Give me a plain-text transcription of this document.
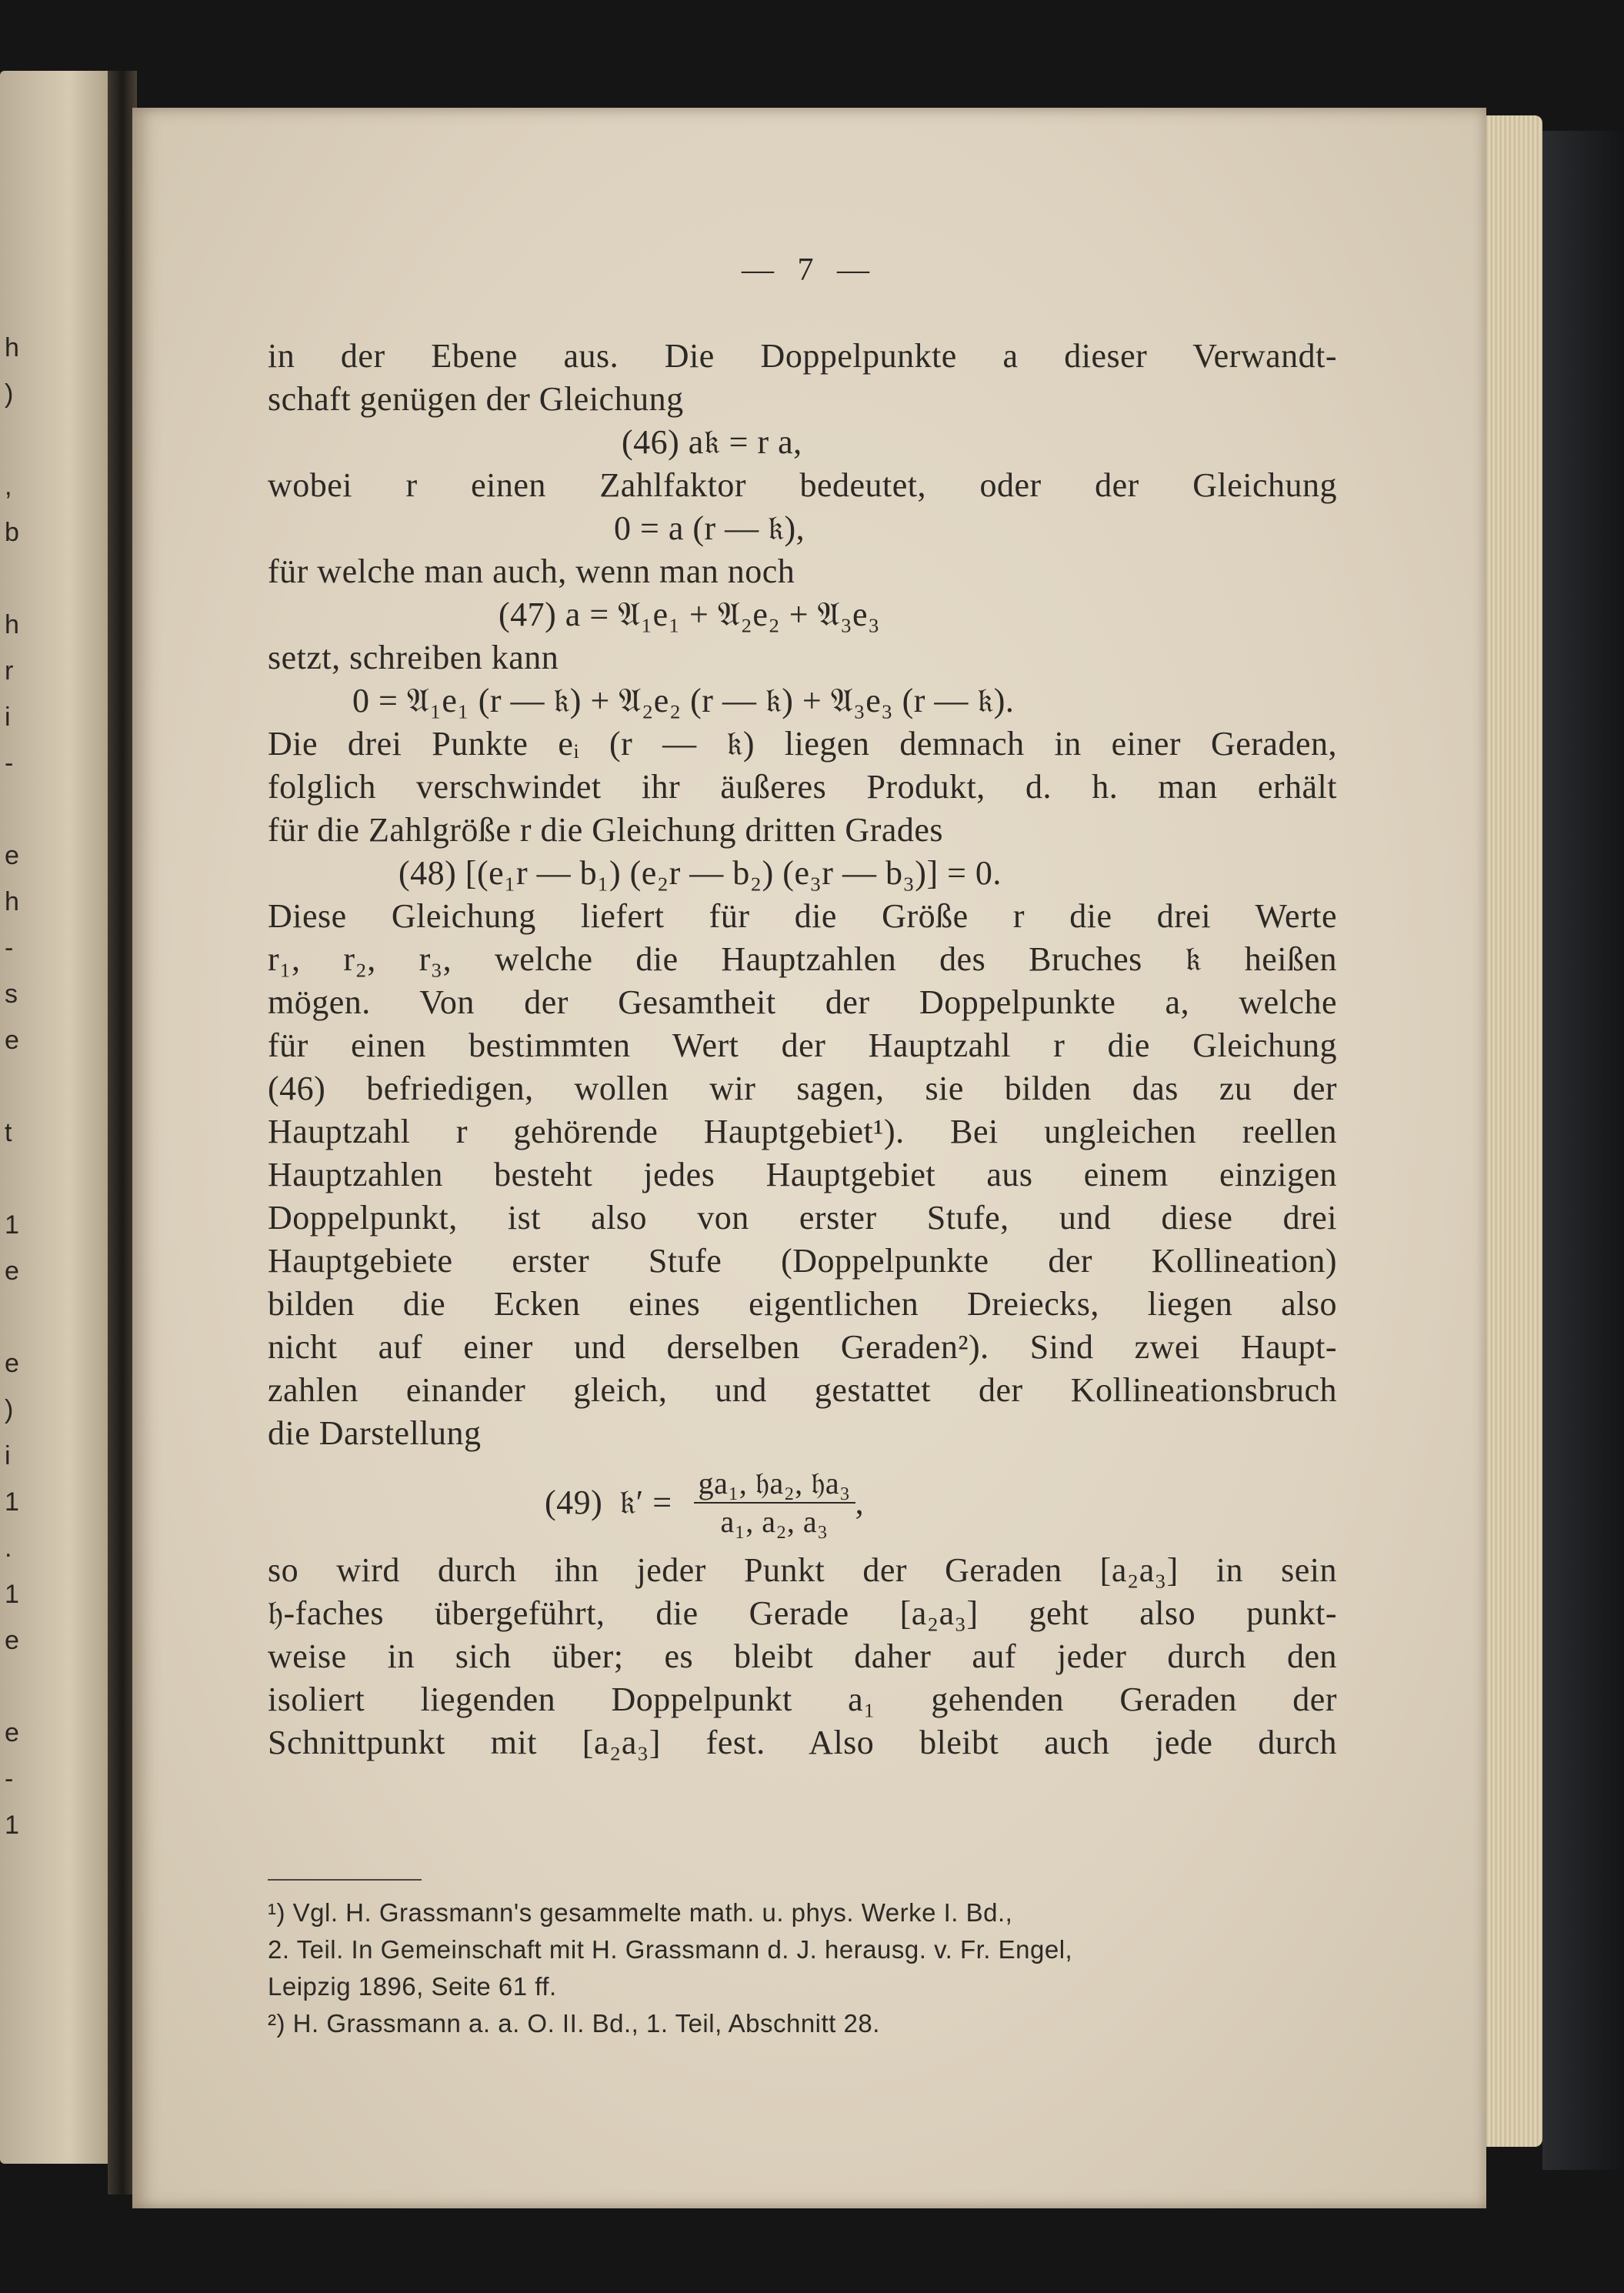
h
)

,
b

h
r
i
-

e
h
-
s
e

t

1
e

e
)
i
1
.
1
e

e
-
1
— 7 —
in der Ebene aus. Die Doppelpunkte a dieser Verwandt-
schaft genügen der Gleichung
(46) a𝔨 = r a,
wobei r einen Zahlfaktor bedeutet, oder der Gleichung
0 = a (r — 𝔨),
für welche man auch, wenn man noch
(47) a = 𝔄₁e₁ + 𝔄₂e₂ + 𝔄₃e₃
setzt, schreiben kann
0 = 𝔄₁e₁ (r — 𝔨) + 𝔄₂e₂ (r — 𝔨) + 𝔄₃e₃ (r — 𝔨).
Die drei Punkte eᵢ (r — 𝔨) liegen demnach in einer Geraden,
folglich verschwindet ihr äußeres Produkt, d. h. man erhält
für die Zahlgröße r die Gleichung dritten Grades
(48) [(e₁r — b₁) (e₂r — b₂) (e₃r — b₃)] = 0.
Diese Gleichung liefert für die Größe r die drei Werte
r₁, r₂, r₃, welche die Hauptzahlen des Bruches 𝔨 heißen
mögen. Von der Gesamtheit der Doppelpunkte a, welche
für einen bestimmten Wert der Hauptzahl r die Gleichung
(46) befriedigen, wollen wir sagen, sie bilden das zu der
Hauptzahl r gehörende Hauptgebiet¹). Bei ungleichen reellen
Hauptzahlen besteht jedes Hauptgebiet aus einem einzigen
Doppelpunkt, ist also von erster Stufe, und diese drei
Hauptgebiete erster Stufe (Doppelpunkte der Kollineation)
bilden die Ecken eines eigentlichen Dreiecks, liegen also
nicht auf einer und derselben Geraden²). Sind zwei Haupt-
zahlen einander gleich, und gestattet der Kollineationsbruch
die Darstellung
(49) 𝔨′ = $\frac{\text{ga₁, 𝔥a₂, 𝔥a₃}}{\text{a₁, a₂, a₃}}$ ,
so wird durch ihn jeder Punkt der Geraden [a₂a₃] in sein
𝔥-faches übergeführt, die Gerade [a₂a₃] geht also punkt-
weise in sich über; es bleibt daher auf jeder durch den
isoliert liegenden Doppelpunkt a₁ gehenden Geraden der
Schnittpunkt mit [a₂a₃] fest. Also bleibt auch jede durch
¹) Vgl. H. Grassmann's gesammelte math. u. phys. Werke I. Bd.,
2. Teil. In Gemeinschaft mit H. Grassmann d. J. herausg. v. Fr. Engel,
Leipzig 1896, Seite 61 ff.
²) H. Grassmann a. a. O. II. Bd., 1. Teil, Abschnitt 28.
